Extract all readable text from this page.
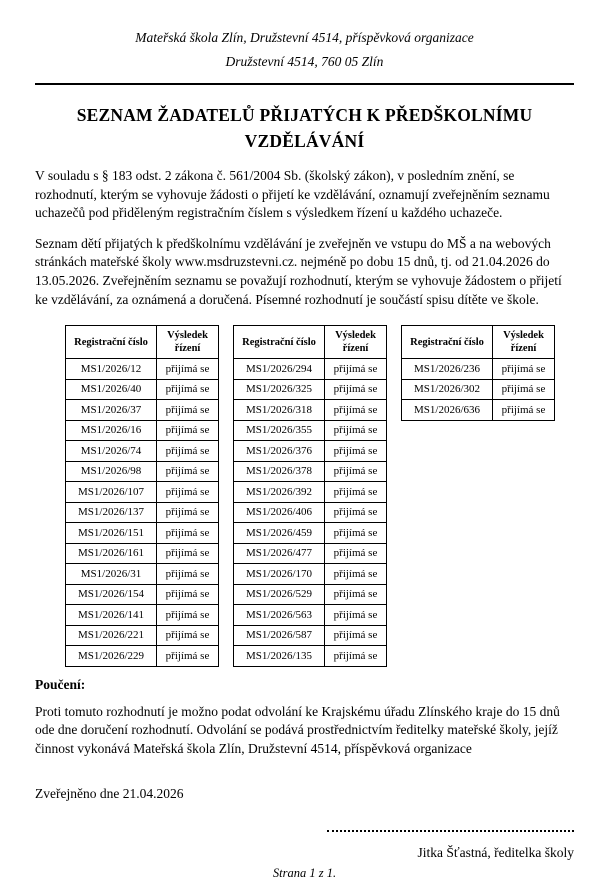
Mateřská škola Zlín, Družstevní 4514, příspěvková organizace
Družstevní 4514, 760 05 Zlín
SEZNAM ŽADATELŮ PŘIJATÝCH K PŘEDŠKOLNÍMU VZDĚLÁVÁNÍ

V souladu s § 183 odst. 2 zákona č. 561/2004 Sb. (školský zákon), v posledním znění, se rozhodnutí, kterým se vyhovuje žádosti o přijetí ke vzdělávání, oznamují zveřejněním seznamu uchazečů pod přiděleným registračním číslem s výsledkem řízení u každého uchazeče.

Seznam dětí přijatých k předškolnímu vzdělávání je zveřejněn ve vstupu do MŠ a na webových stránkách mateřské školy www.msdruzstevni.cz. nejméně po dobu 15 dnů, tj. od 21.04.2026 do 13.05.2026. Zveřejněním seznamu se považují rozhodnutí, kterým se vyhovuje žádostem o přijetí ke vzdělávání, za oznámená a doručená. Písemné rozhodnutí je součástí spisu dítěte ve škole.

Registrační číslo	Výsledek řízení
MS1/2026/12	přijímá se
MS1/2026/40	přijímá se
MS1/2026/37	přijímá se
MS1/2026/16	přijímá se
MS1/2026/74	přijímá se
MS1/2026/98	přijímá se
MS1/2026/107	přijímá se
MS1/2026/137	přijímá se
MS1/2026/151	přijímá se
MS1/2026/161	přijímá se
MS1/2026/31	přijímá se
MS1/2026/154	přijímá se
MS1/2026/141	přijímá se
MS1/2026/221	přijímá se
MS1/2026/229	přijímá se
Registrační číslo	Výsledek řízení
MS1/2026/294	přijímá se
MS1/2026/325	přijímá se
MS1/2026/318	přijímá se
MS1/2026/355	přijímá se
MS1/2026/376	přijímá se
MS1/2026/378	přijímá se
MS1/2026/392	přijímá se
MS1/2026/406	přijímá se
MS1/2026/459	přijímá se
MS1/2026/477	přijímá se
MS1/2026/170	přijímá se
MS1/2026/529	přijímá se
MS1/2026/563	přijímá se
MS1/2026/587	přijímá se
MS1/2026/135	přijímá se
Registrační číslo	Výsledek řízení
MS1/2026/236	přijímá se
MS1/2026/302	přijímá se
MS1/2026/636	přijímá se
Poučení:

Proti tomuto rozhodnutí je možno podat odvolání ke Krajskému úřadu Zlínského kraje do 15 dnů ode dne doručení rozhodnutí. Odvolání se podává prostřednictvím ředitelky mateřské školy, jejíž činnost vykonává Mateřská škola Zlín, Družstevní 4514, příspěvková organizace

Zveřejněno dne 21.04.2026
Jitka Šťastná, ředitelka školy
Strana 1 z 1.
